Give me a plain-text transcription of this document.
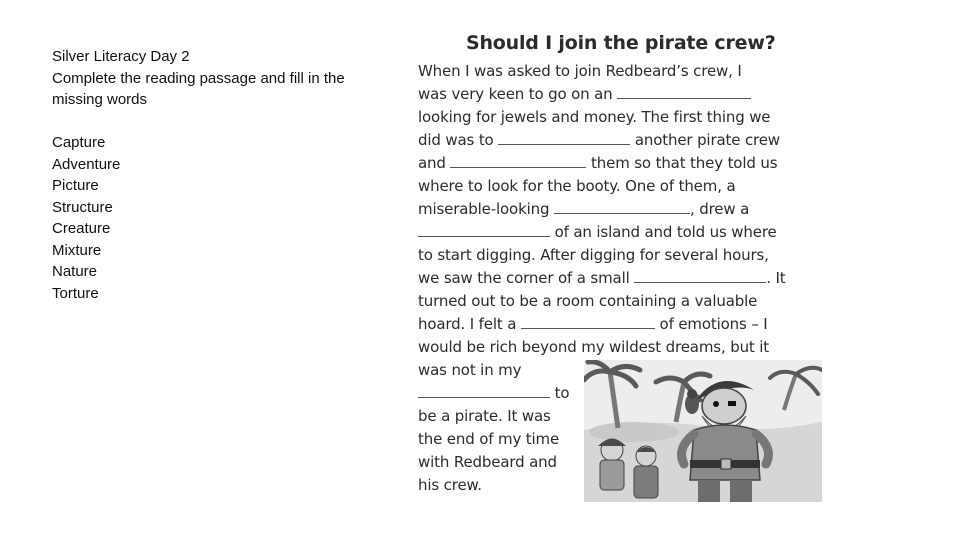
Silver Literacy Day 2
Complete the reading passage and fill in the
missing words
Capture
Adventure
Picture
Structure
Creature
Mixture
Nature
Torture
Should I join the pirate crew?
When I was asked to join Redbeard’s crew, I
was very keen to go on an
looking for jewels and money. The first thing we
did was to	another pirate crew
and	them so that they told us
where to look for the booty. One of them, a
miserable-looking	, drew a
of an island and told us where
to start digging. After digging for several hours,
we saw the corner of a small	. It
turned out to be a room containing a valuable
hoard. I felt a	of emotions – I
would be rich beyond my wildest dreams, but it
was not in my
to
be a pirate. It was
the end of my time
with Redbeard and
his crew.
